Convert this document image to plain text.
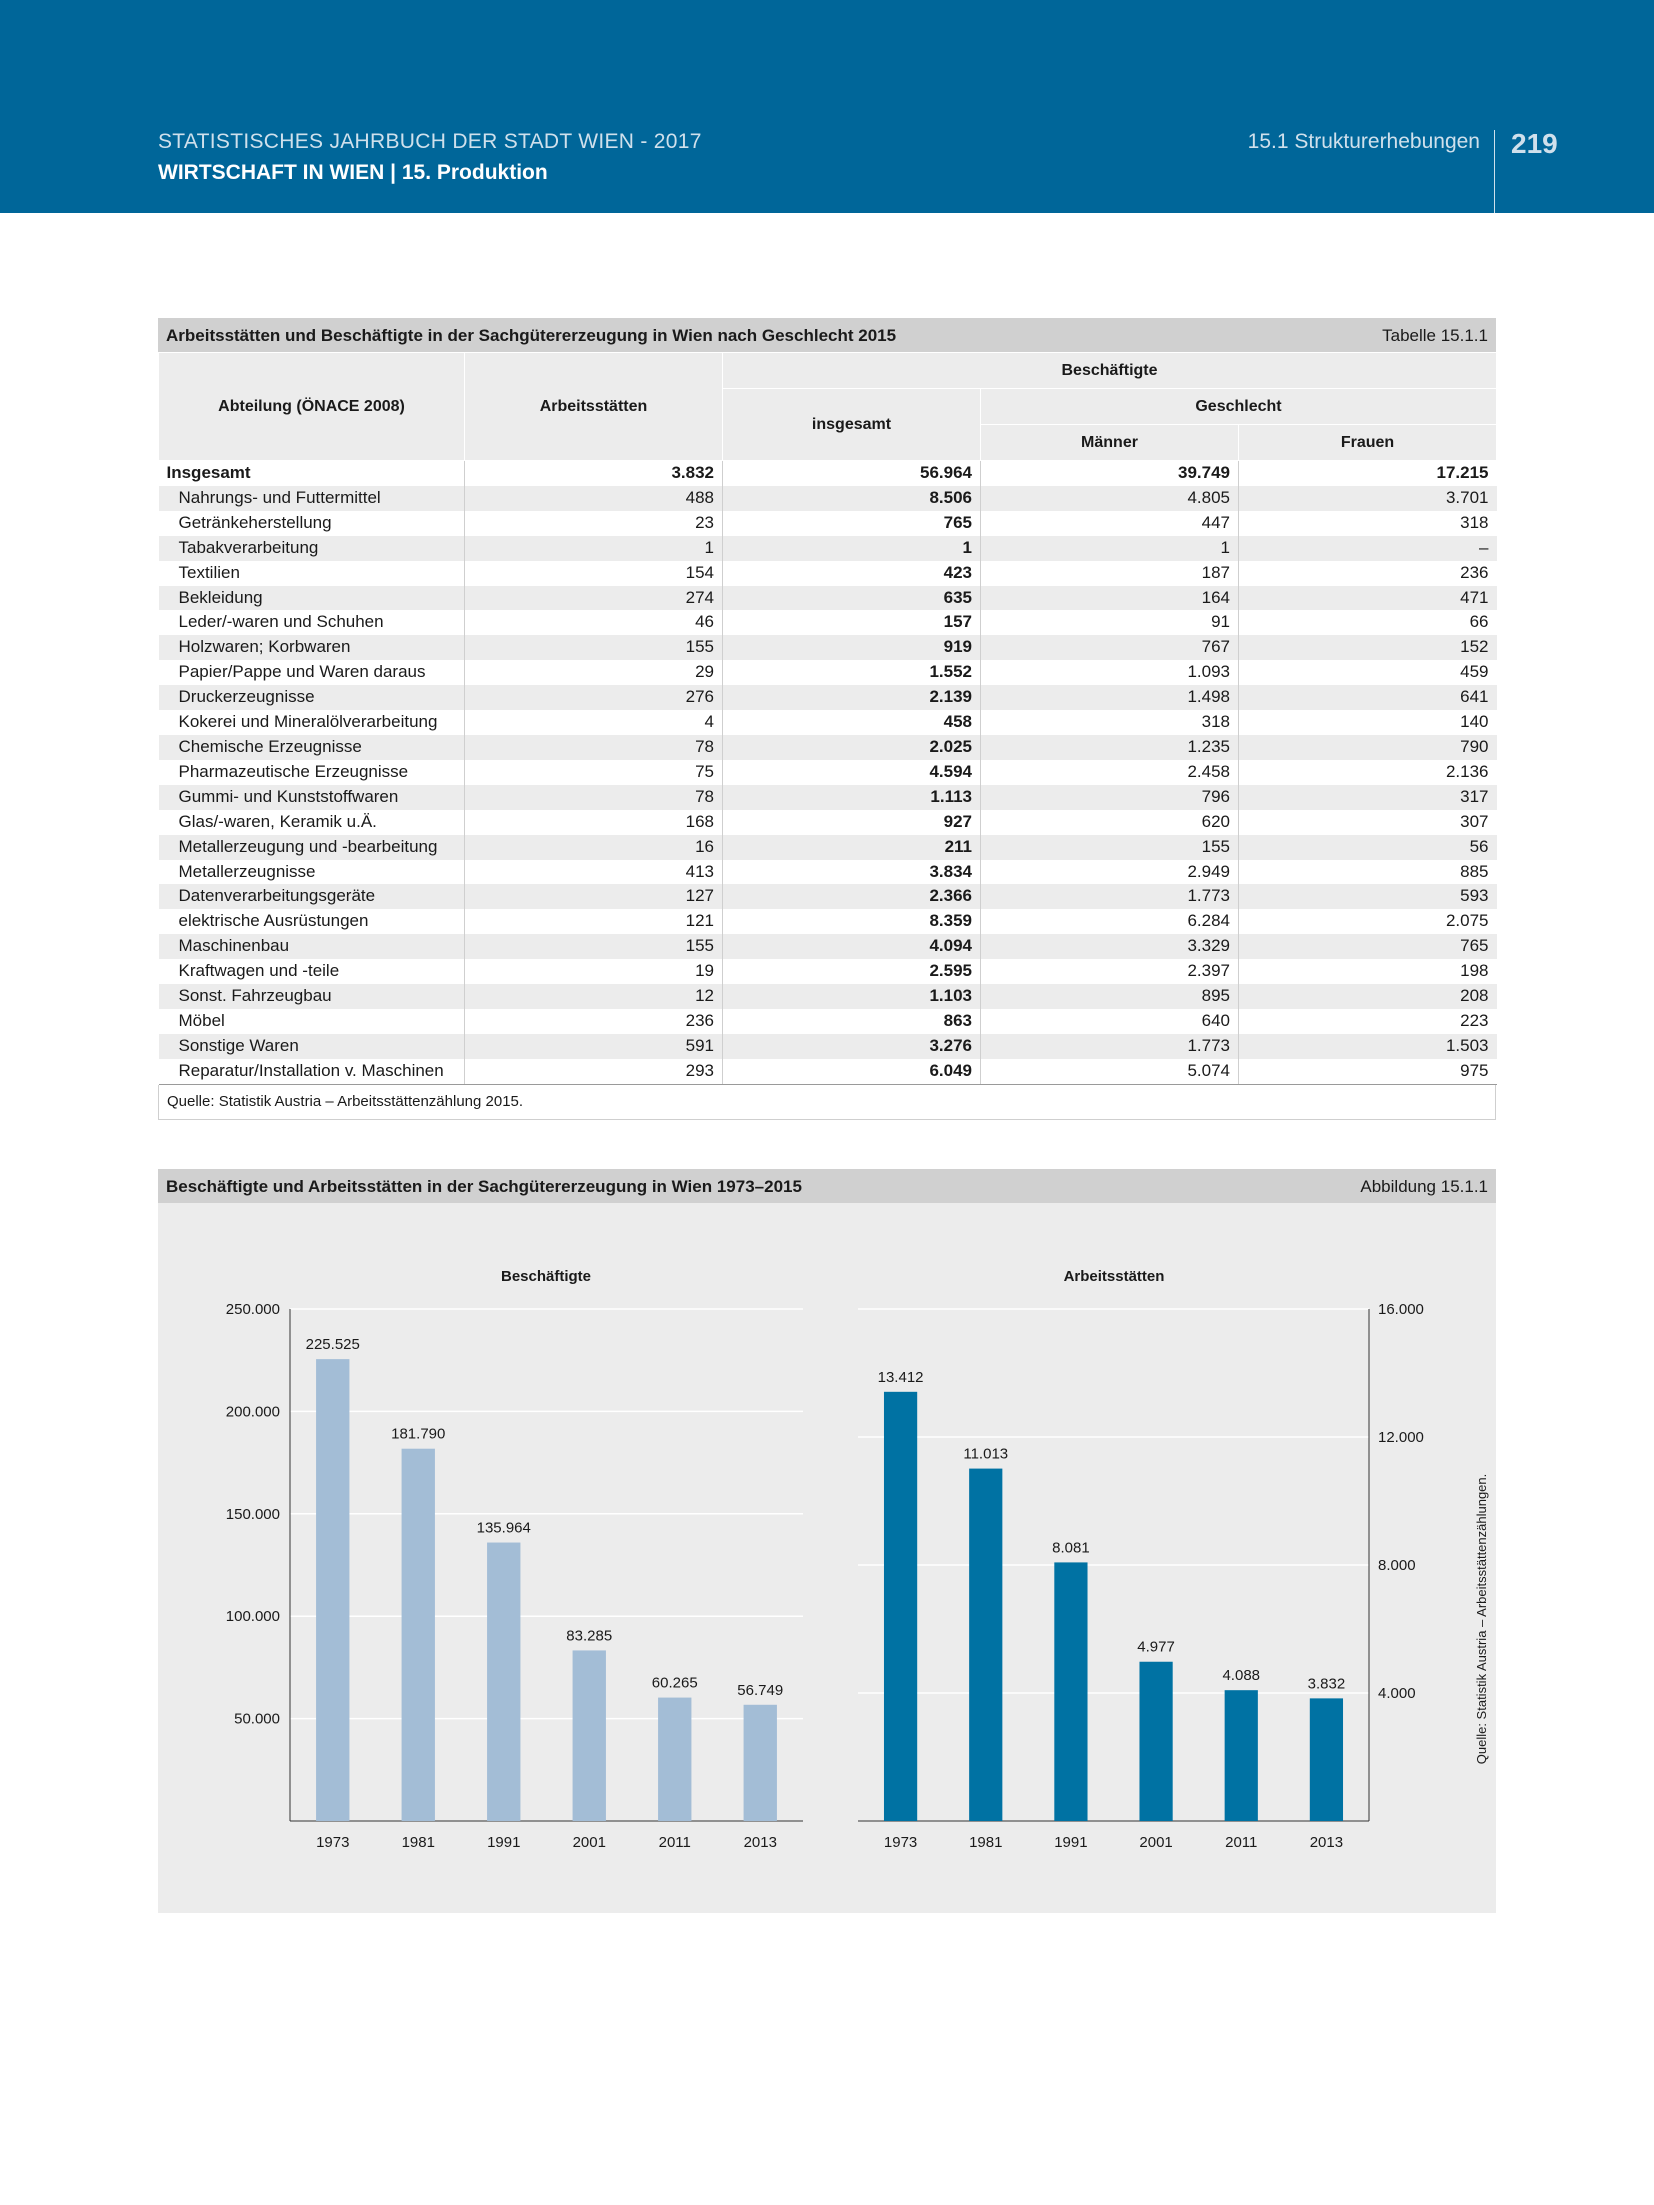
STATISTISCHES JAHRBUCH DER STADT WIEN - 2017
WIRTSCHAFT IN WIEN | 15. Produktion
15.1 Strukturerhebungen 219
Arbeitsstätten und Beschäftigte in der Sachgütererzeugung in Wien nach Geschlecht 2015	Tabelle 15.1.1
Abteilung (ÖNACE 2008)	Arbeitsstätten	Beschäftigte		
		insgesamt	Geschlecht	
			Männer	Frauen
Insgesamt	3.832	56.964	39.749	17.215
Nahrungs- und Futtermittel	488	8.506	4.805	3.701
Getränkeherstellung	23	765	447	318
Tabakverarbeitung	1	1	1	–
Textilien	154	423	187	236
Bekleidung	274	635	164	471
Leder/-waren und Schuhen	46	157	91	66
Holzwaren; Korbwaren	155	919	767	152
Papier/Pappe und Waren daraus	29	1.552	1.093	459
Druckerzeugnisse	276	2.139	1.498	641
Kokerei und Mineralölverarbeitung	4	458	318	140
Chemische Erzeugnisse	78	2.025	1.235	790
Pharmazeutische Erzeugnisse	75	4.594	2.458	2.136
Gummi- und Kunststoffwaren	78	1.113	796	317
Glas/-waren, Keramik u.Ä.	168	927	620	307
Metallerzeugung und -bearbeitung	16	211	155	56
Metallerzeugnisse	413	3.834	2.949	885
Datenverarbeitungsgeräte	127	2.366	1.773	593
elektrische Ausrüstungen	121	8.359	6.284	2.075
Maschinenbau	155	4.094	3.329	765
Kraftwagen und -teile	19	2.595	2.397	198
Sonst. Fahrzeugbau	12	1.103	895	208
Möbel	236	863	640	223
Sonstige Waren	591	3.276	1.773	1.503
Reparatur/Installation v. Maschinen	293	6.049	5.074	975
Quelle: Statistik Austria – Arbeitsstättenzählung 2015.
Beschäftigte und Arbeitsstätten in der Sachgütererzeugung in Wien 1973–2015	Abbildung 15.1.1
50.000
100.000
150.000
200.000
250.000
225.525
1973
181.790
1981
135.964
1991
83.285
2001
60.265
2011
56.749
2013
Beschäftigte
4.000
8.000
12.000
16.000
13.412
1973
11.013
1981
8.081
1991
4.977
2001
4.088
2011
3.832
2013
Arbeitsstätten
Quelle: Statistik Austria – Arbeitsstättenzählungen.
